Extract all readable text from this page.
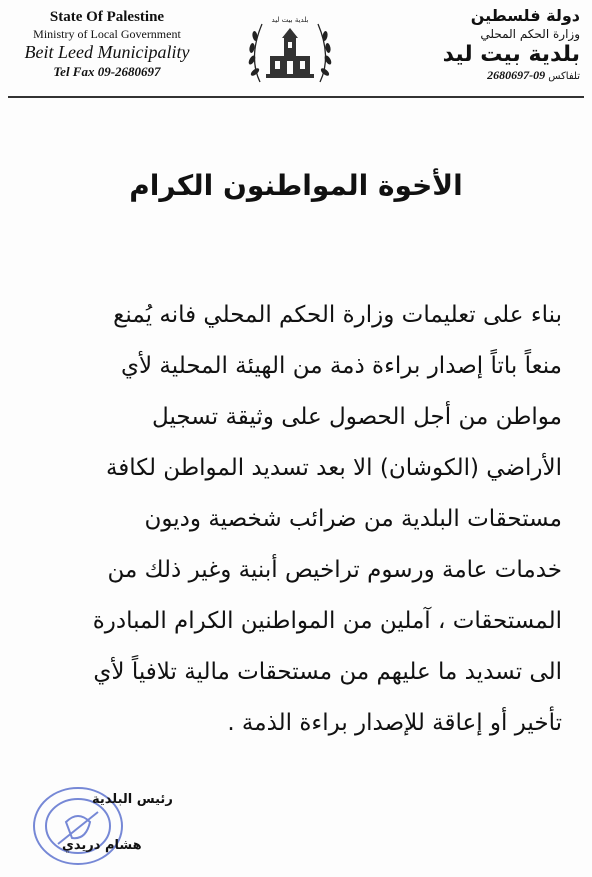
State Of Palestine
Ministry of Local Government
Beit Leed Municipality
Tel Fax 09-2680697
بلدية بيت ليد	دولة فلسطين
وزارة الحكم المحلي
بلدية بيت ليد
تلفاكس 09-2680697
الأخوة المواطنون الكرام
بناء على تعليمات وزارة الحكم المحلي فانه يُمنع
منعاً باتاً إصدار براءة ذمة من الهيئة المحلية لأي
مواطن من أجل الحصول على وثيقة تسجيل
الأراضي (الكوشان) الا بعد تسديد المواطن لكافة
مستحقات البلدية من ضرائب شخصية وديون
خدمات عامة ورسوم تراخيص أبنية وغير ذلك من
المستحقات ، آملين من المواطنين الكرام المبادرة
الى تسديد ما عليهم من مستحقات مالية تلافياً لأي
تأخير أو إعاقة للإصدار براءة الذمة .
رئيس البلدية
هشام دريدي
